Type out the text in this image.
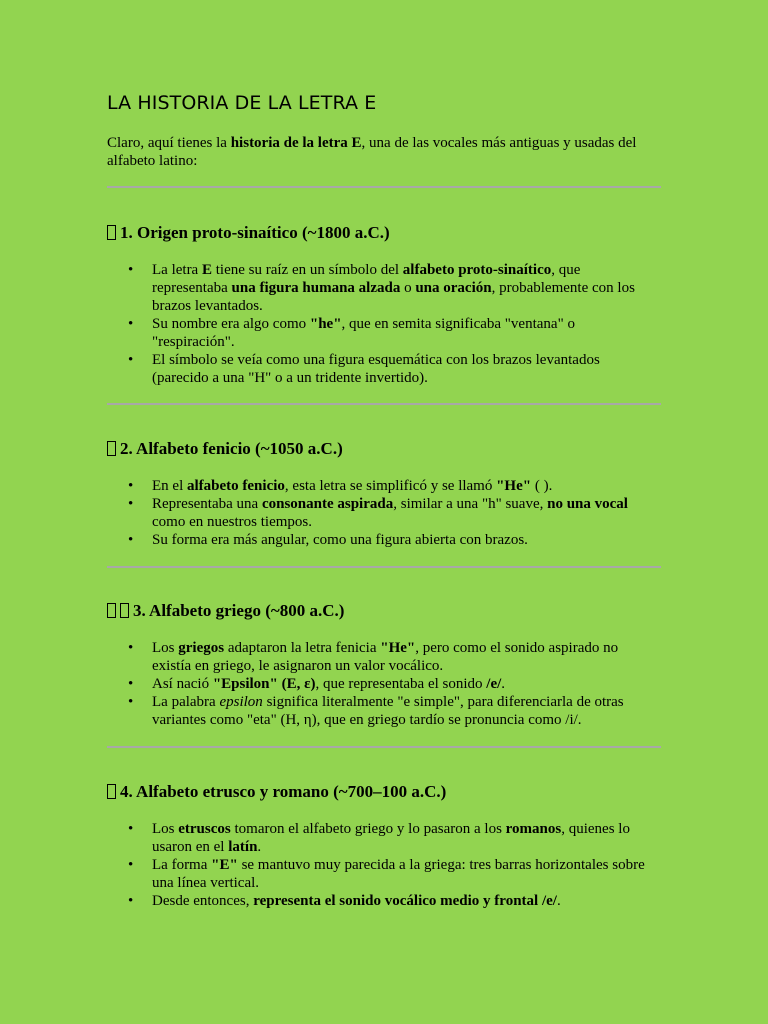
LA HISTORIA DE LA LETRA E

Claro, aquí tienes la historia de la letra E, una de las vocales más antiguas y usadas del alfabeto latino:

1. Origen proto-sinaítico (~1800 a.C.)
• La letra E tiene su raíz en un símbolo del alfabeto proto-sinaítico, que representaba una figura humana alzada o una oración, probablemente con los brazos levantados.
• Su nombre era algo como "he", que en semita significaba "ventana" o "respiración".
• El símbolo se veía como una figura esquemática con los brazos levantados (parecido a una "H" o a un tridente invertido).
2. Alfabeto fenicio (~1050 a.C.)
• En el alfabeto fenicio, esta letra se simplificó y se llamó "He" ( ).
• Representaba una consonante aspirada, similar a una "h" suave, no una vocal como en nuestros tiempos.
• Su forma era más angular, como una figura abierta con brazos.
3. Alfabeto griego (~800 a.C.)
• Los griegos adaptaron la letra fenicia "He", pero como el sonido aspirado no existía en griego, le asignaron un valor vocálico.
• Así nació "Epsilon" (Ε, ε), que representaba el sonido /e/.
• La palabra epsilon significa literalmente "e simple", para diferenciarla de otras variantes como "eta" (Η, η), que en griego tardío se pronuncia como /i/.
4. Alfabeto etrusco y romano (~700–100 a.C.)
• Los etruscos tomaron el alfabeto griego y lo pasaron a los romanos, quienes lo usaron en el latín.
• La forma "E" se mantuvo muy parecida a la griega: tres barras horizontales sobre una línea vertical.
• Desde entonces, representa el sonido vocálico medio y frontal /e/.
